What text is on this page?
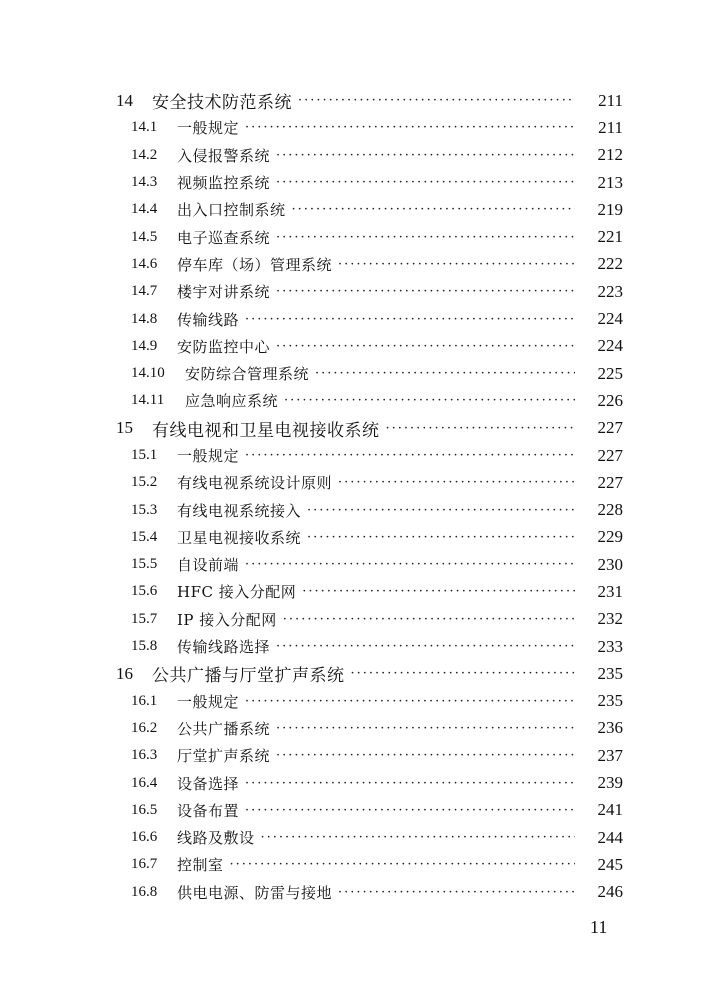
14	安全技术防范系统 ·····	211
14.1	一般规定 ·····	211
14.2	入侵报警系统 ·····	212
14.3	视频监控系统 ·····	213
14.4	出入口控制系统 ·····	219
14.5	电子巡查系统 ·····	221
14.6	停车库（场）管理系统 ·····	222
14.7	楼宇对讲系统 ·····	223
14.8	传输线路 ·····	224
14.9	安防监控中心 ·····	224
14.10	安防综合管理系统 ·····	225
14.11	应急响应系统 ·····	226
15	有线电视和卫星电视接收系统 ·····	227
15.1	一般规定 ·····	227
15.2	有线电视系统设计原则 ·····	227
15.3	有线电视系统接入 ·····	228
15.4	卫星电视接收系统 ·····	229
15.5	自设前端 ·····	230
15.6	HFC 接入分配网 ·····	231
15.7	IP 接入分配网 ·····	232
15.8	传输线路选择 ·····	233
16	公共广播与厅堂扩声系统 ·····	235
16.1	一般规定 ·····	235
16.2	公共广播系统 ·····	236
16.3	厅堂扩声系统 ·····	237
16.4	设备选择 ·····	239
16.5	设备布置 ·····	241
16.6	线路及敷设 ·····	244
16.7	控制室 ·····	245
16.8	供电电源、防雷与接地 ·····	246
11
